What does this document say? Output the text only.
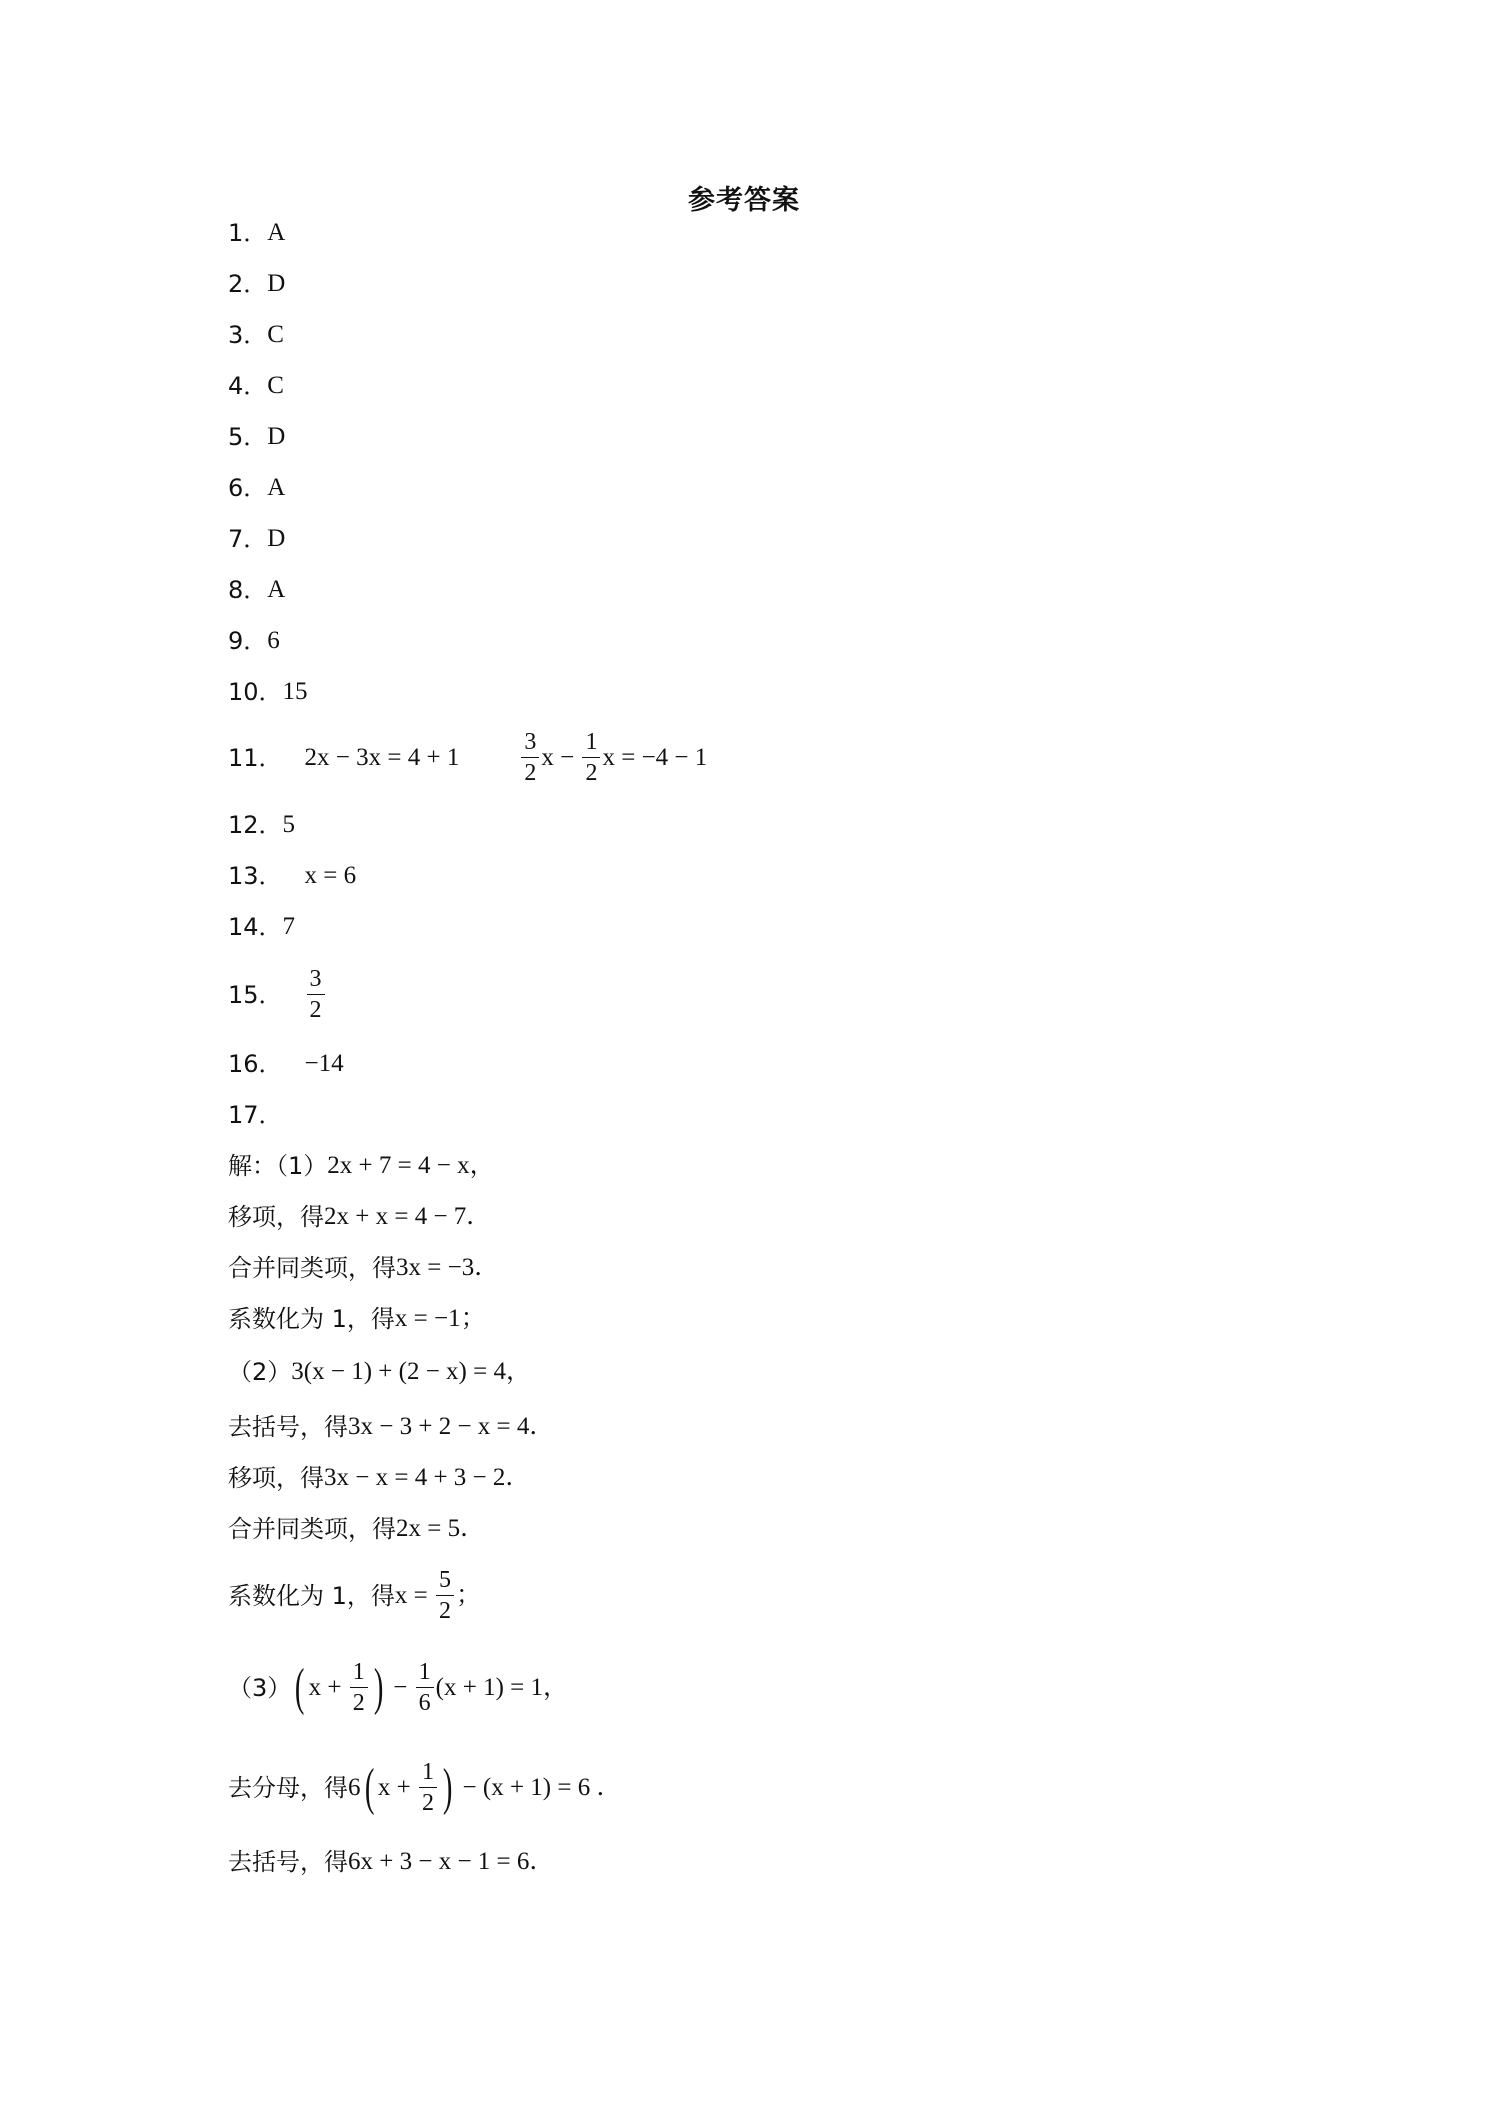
参考答案
1． A
2． D
3． C
4． C
5． D
6． A
7． D
8． A
9． 6
10． 15
11． 2x − 3x = 4 + 1	$\frac{3}{2}$ $x - \frac{1}{2}$ x = −4 − 1
12． 5
13． x = 6
14． 7
15． $\frac{3}{2}$
16． −14
17．
解：（1） 2x + 7 = 4 − x，
移项，得 2x + x = 4 − 7．
合并同类项，得 3x = −3．
系数化为 1，得 x = −1；
（2） 3(x − 1) + (2 − x) = 4，
去括号，得 3x − 3 + 2 − x = 4．
移项，得 3x − x = 4 + 3 − 2．
合并同类项，得 2x = 5．
系数化为 1，得 $x = \frac{5}{2}$ ；
（3） ( $x + \frac{1}{2}$ ) − $\frac{1}{6} (x + 1) = 1$，
去分母，得 6 ( $x + \frac{1}{2}$ ) − (x + 1) = 6 ．
去括号，得 6x + 3 − x − 1 = 6．
